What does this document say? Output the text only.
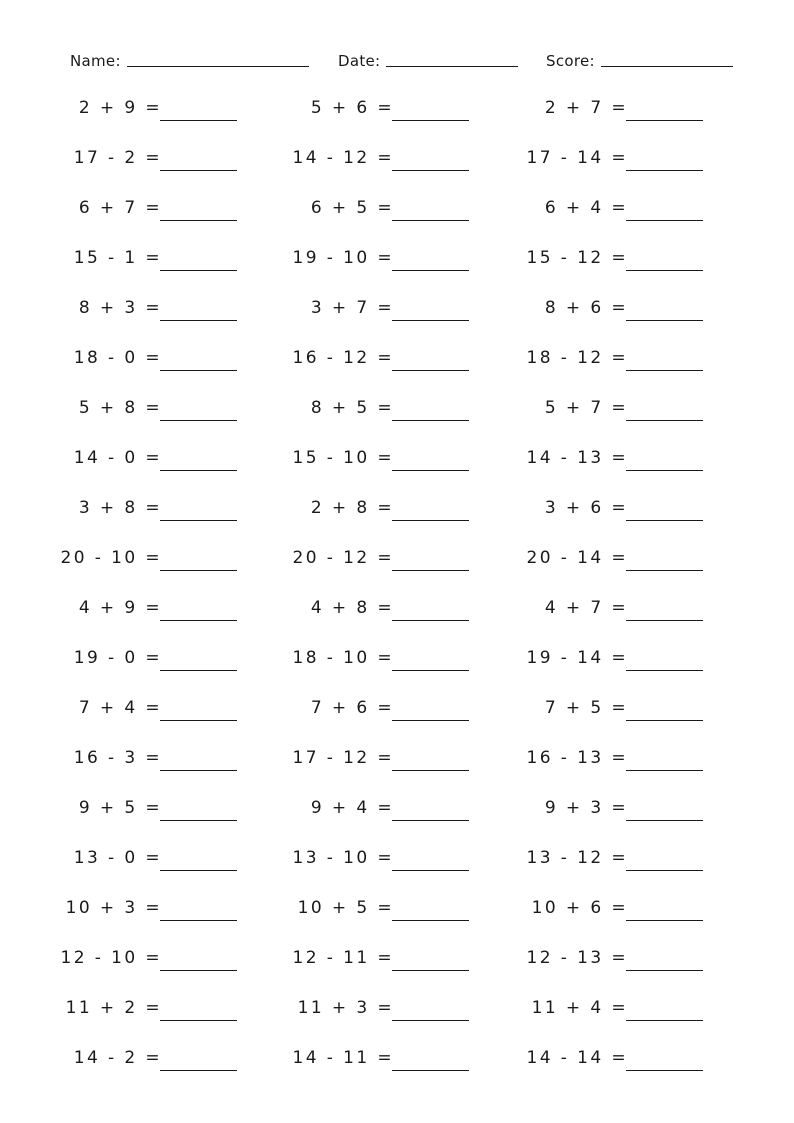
Name:	Date:	Score:
2 + 9 =
17 - 2 =
6 + 7 =
15 - 1 =
8 + 3 =
18 - 0 =
5 + 8 =
14 - 0 =
3 + 8 =
20 - 10 =
4 + 9 =
19 - 0 =
7 + 4 =
16 - 3 =
9 + 5 =
13 - 0 =
10 + 3 =
12 - 10 =
11 + 2 =
14 - 2 =
5 + 6 =
14 - 12 =
6 + 5 =
19 - 10 =
3 + 7 =
16 - 12 =
8 + 5 =
15 - 10 =
2 + 8 =
20 - 12 =
4 + 8 =
18 - 10 =
7 + 6 =
17 - 12 =
9 + 4 =
13 - 10 =
10 + 5 =
12 - 11 =
11 + 3 =
14 - 11 =
2 + 7 =
17 - 14 =
6 + 4 =
15 - 12 =
8 + 6 =
18 - 12 =
5 + 7 =
14 - 13 =
3 + 6 =
20 - 14 =
4 + 7 =
19 - 14 =
7 + 5 =
16 - 13 =
9 + 3 =
13 - 12 =
10 + 6 =
12 - 13 =
11 + 4 =
14 - 14 =
